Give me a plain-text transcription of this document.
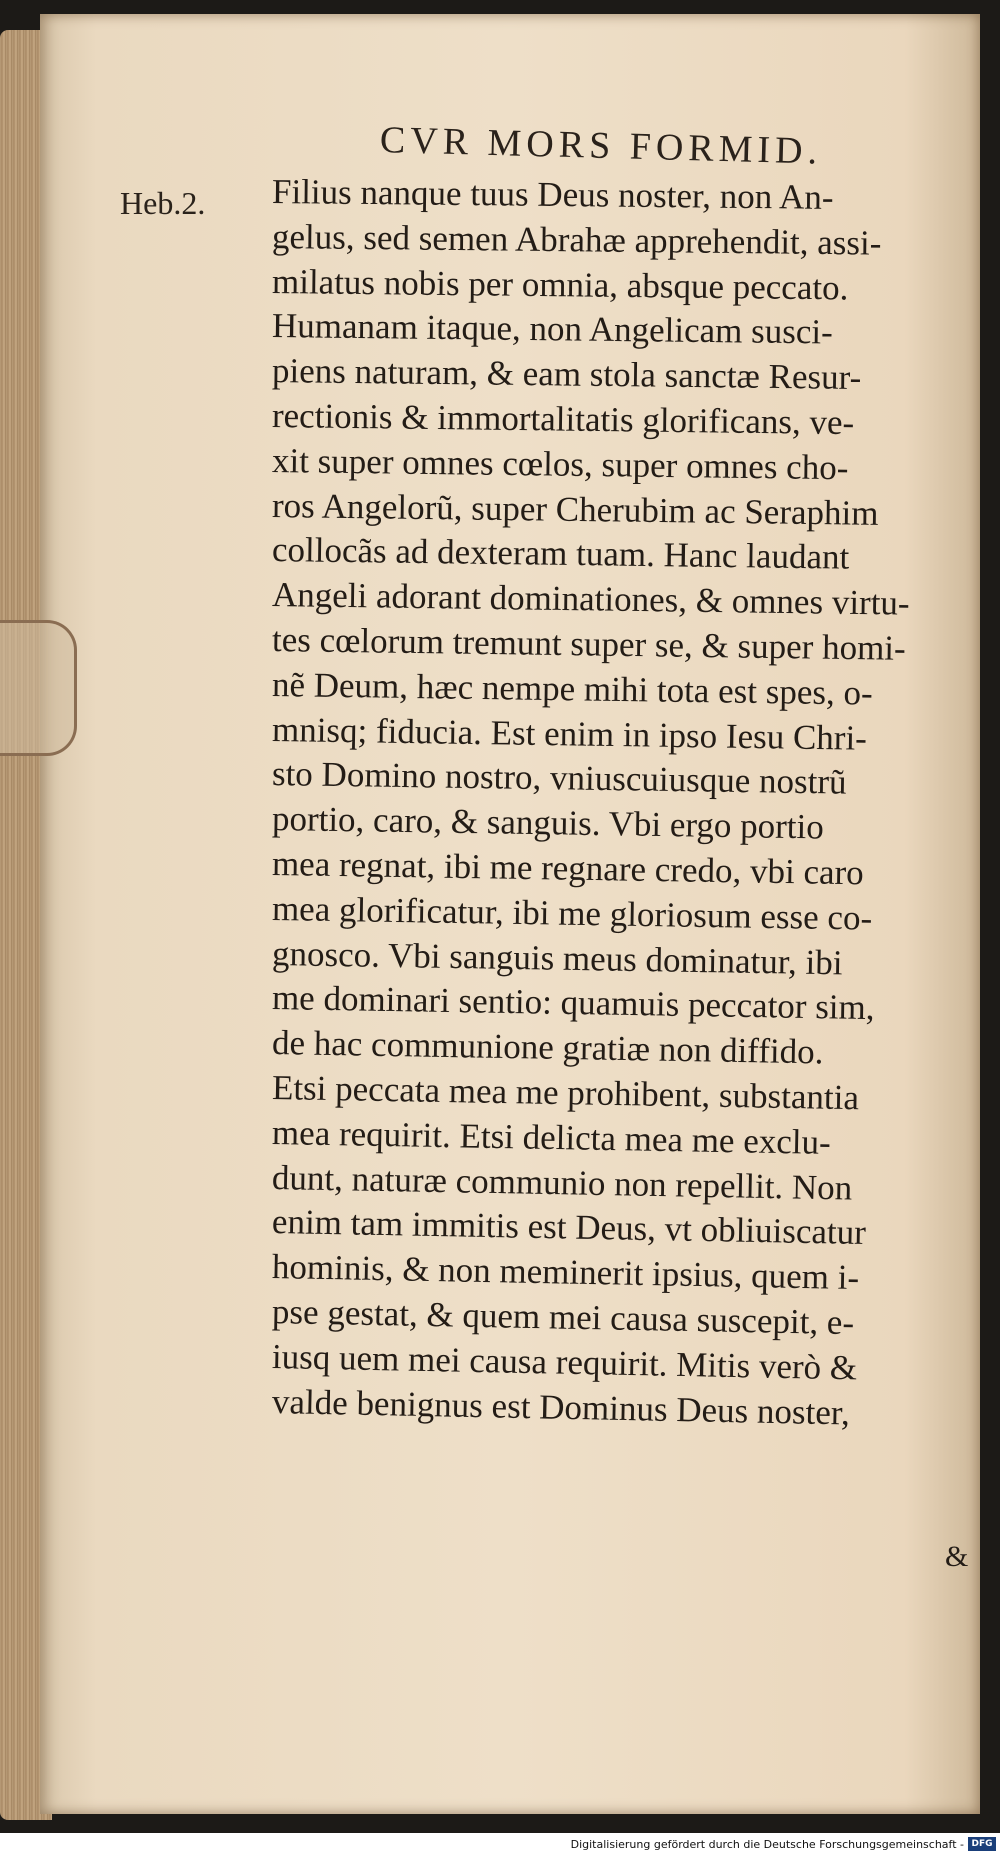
CVR MORS FORMID.
Heb.2. Filius nanque tuus Deus noster, non An-
gelus, sed semen Abrahæ apprehendit, assi-
milatus nobis per omnia, absque peccato.
Humanam itaque, non Angelicam susci-
piens naturam, & eam stola sanctæ Resur-
rectionis & immortalitatis glorificans, ve-
xit super omnes cœlos, super omnes cho-
ros Angelorũ, super Cherubim ac Seraphim
collocãs ad dexteram tuam. Hanc laudant
Angeli adorant dominationes, & omnes virtu-
tes cœlorum tremunt super se, & super homi-
nẽ Deum, hæc nempe mihi tota est spes, o-
mnisq; fiducia. Est enim in ipso Iesu Chri-
sto Domino nostro, vniuscuiusque nostrũ
portio, caro, & sanguis. Vbi ergo portio
mea regnat, ibi me regnare credo, vbi caro
mea glorificatur, ibi me gloriosum esse co-
gnosco. Vbi sanguis meus dominatur, ibi
me dominari sentio: quamuis peccator sim,
de hac communione gratiæ non diffido.
Etsi peccata mea me prohibent, substantia
mea requirit. Etsi delicta mea me exclu-
dunt, naturæ communio non repellit. Non
enim tam immitis est Deus, vt obliuiscatur
hominis, & non meminerit ipsius, quem i-
pse gestat, & quem mei causa suscepit, e-
iusq uem mei causa requirit. Mitis verò &
valde benignus est Dominus Deus noster,
&
Digitalisierung gefördert durch die Deutsche Forschungsgemeinschaft - DFG
